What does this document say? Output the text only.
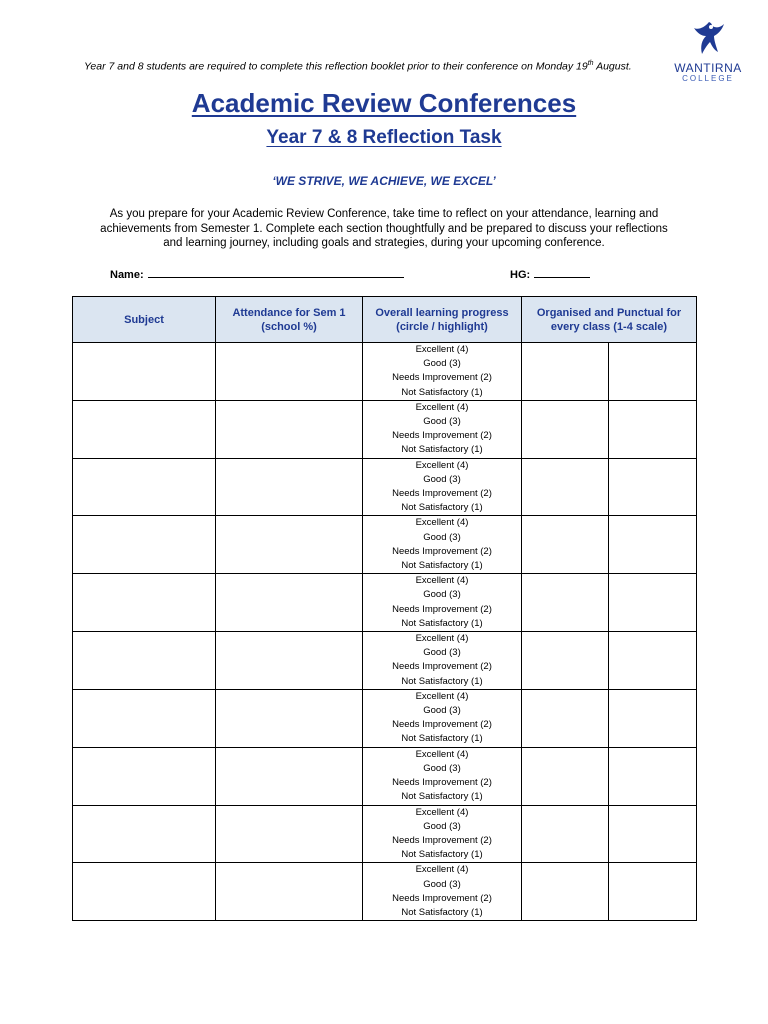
Year 7 and 8 students are required to complete this reflection booklet prior to their conference on Monday 19th August.	WANTIRNA
COLLEGE
Academic Review Conferences
Year 7 & 8 Reflection Task
‘WE STRIVE, WE ACHIEVE, WE EXCEL’
As you prepare for your Academic Review Conference, take time to reflect on your attendance, learning and achievements from Semester 1. Complete each section thoughtfully and be prepared to discuss your reflections and learning journey, including goals and strategies, during your upcoming conference.
Name:	HG:
Subject	Attendance for Sem 1 (school %)	Overall learning progress (circle / highlight)	Organised and Punctual for every class (1-4 scale)	

		Excellent (4)
Good (3)
Needs Improvement (2)
Not Satisfactory (1)		

		Excellent (4)
Good (3)
Needs Improvement (2)
Not Satisfactory (1)		

		Excellent (4)
Good (3)
Needs Improvement (2)
Not Satisfactory (1)		

		Excellent (4)
Good (3)
Needs Improvement (2)
Not Satisfactory (1)		

		Excellent (4)
Good (3)
Needs Improvement (2)
Not Satisfactory (1)		

		Excellent (4)
Good (3)
Needs Improvement (2)
Not Satisfactory (1)		

		Excellent (4)
Good (3)
Needs Improvement (2)
Not Satisfactory (1)		

		Excellent (4)
Good (3)
Needs Improvement (2)
Not Satisfactory (1)		

		Excellent (4)
Good (3)
Needs Improvement (2)
Not Satisfactory (1)		

		Excellent (4)
Good (3)
Needs Improvement (2)
Not Satisfactory (1)		
